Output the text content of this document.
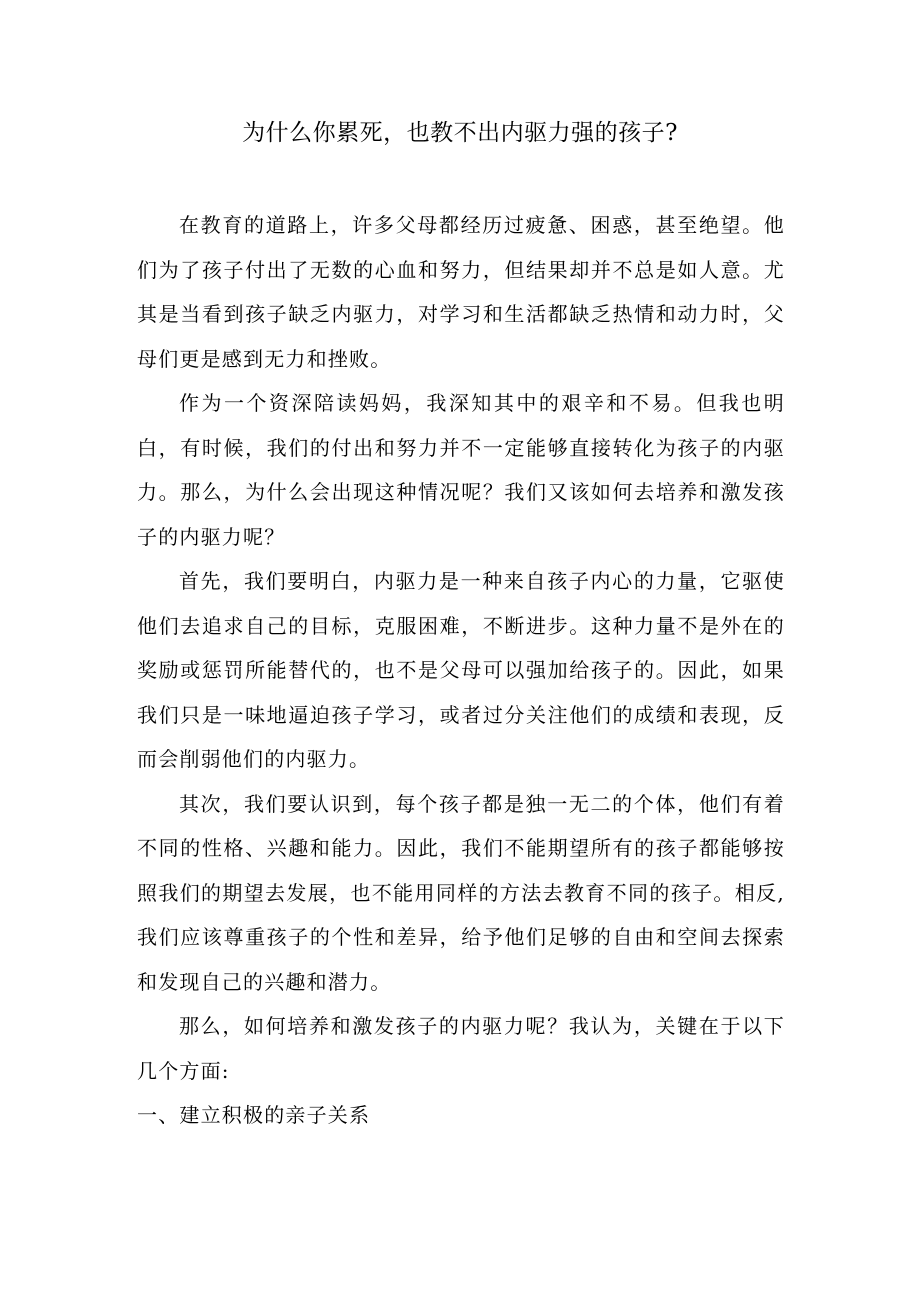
为什么你累死，也教不出内驱力强的孩子?

在教育的道路上，许多父母都经历过疲惫、困惑，甚至绝望。他们为了孩子付出了无数的心血和努力，但结果却并不总是如人意。尤其是当看到孩子缺乏内驱力，对学习和生活都缺乏热情和动力时，父母们更是感到无力和挫败。

作为一个资深陪读妈妈，我深知其中的艰辛和不易。但我也明白，有时候，我们的付出和努力并不一定能够直接转化为孩子的内驱力。那么，为什么会出现这种情况呢？我们又该如何去培养和激发孩子的内驱力呢？

首先，我们要明白，内驱力是一种来自孩子内心的力量，它驱使他们去追求自己的目标，克服困难，不断进步。这种力量不是外在的奖励或惩罚所能替代的，也不是父母可以强加给孩子的。因此，如果我们只是一味地逼迫孩子学习，或者过分关注他们的成绩和表现，反而会削弱他们的内驱力。

其次，我们要认识到，每个孩子都是独一无二的个体，他们有着不同的性格、兴趣和能力。因此，我们不能期望所有的孩子都能够按照我们的期望去发展，也不能用同样的方法去教育不同的孩子。相反,我们应该尊重孩子的个性和差异，给予他们足够的自由和空间去探索和发现自己的兴趣和潜力。

那么，如何培养和激发孩子的内驱力呢？我认为，关键在于以下几个方面:

一、建立积极的亲子关系
